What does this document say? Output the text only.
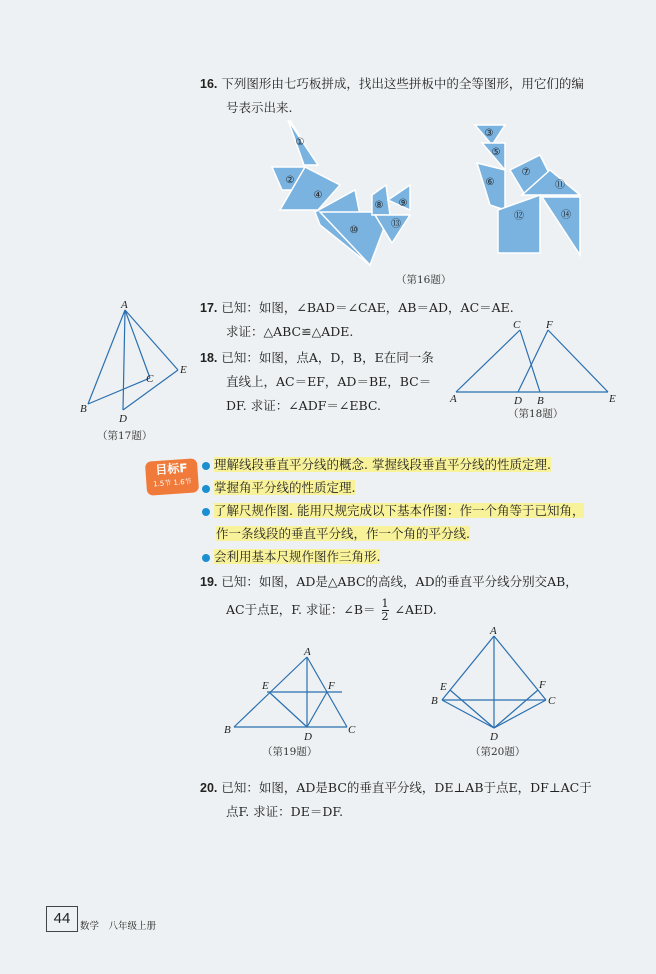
16. 下列图形由七巧板拼成，找出这些拼板中的全等图形，用它们的编
号表示出来.
①
②
③
④
⑤
⑥
⑦
⑧ ⑨
⑩
⑪
⑫
⑬
⑭
（第16题）
A
B
C
D
E
（第17题）
17. 已知：如图，∠BAD＝∠CAE，AB＝AD，AC＝AE.
求证：△ABC≌△ADE.
18. 已知：如图，点A，D，B，E在同一条
直线上，AC＝EF，AD＝BE，BC＝
DF. 求证：∠ADF＝∠EBC.	A	D B	E
C F
（第18题）
目标F
1.5节 1.6节
理解线段垂直平分线的概念. 掌握线段垂直平分线的性质定理.
掌握角平分线的性质定理.
了解尺规作图. 能用尺规完成以下基本作图：作一个角等于已知角，
作一条线段的垂直平分线，作一个角的平分线.
会利用基本尺规作图作三角形.
19. 已知：如图，AD是△ABC的高线，AD的垂直平分线分别交AB，
AC于点E，F. 求证：∠B＝ $\frac{1}{2}$ ∠AED.
A
B	C
D
E	F
（第19题）
A
B	C
D
E	F
（第20题）
20. 已知：如图，AD是BC的垂直平分线，DE⊥AB于点E，DF⊥AC于
点F. 求证：DE＝DF.
44	数学　八年级上册
